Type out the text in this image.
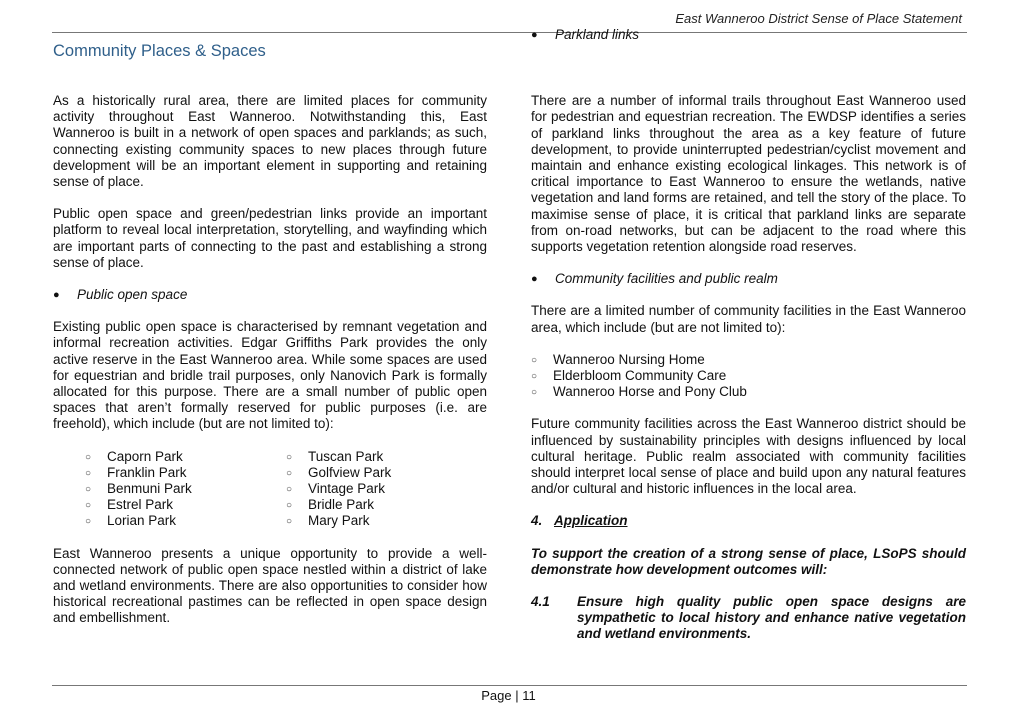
East Wanneroo District Sense of Place Statement
Community Places & Spaces

As a historically rural area, there are limited places for community activity throughout East Wanneroo. Notwithstanding this, East Wanneroo is built in a network of open spaces and parklands; as such, connecting existing community spaces to new places through future development will be an important element in supporting and retaining sense of place.

Public open space and green/pedestrian links provide an important platform to reveal local interpretation, storytelling, and wayfinding which are important parts of connecting to the past and establishing a strong sense of place.

● Public open space

Existing public open space is characterised by remnant vegetation and informal recreation activities. Edgar Griffiths Park provides the only active reserve in the East Wanneroo area. While some spaces are used for equestrian and bridle trail purposes, only Nanovich Park is formally allocated for this purpose. There are a small number of public open spaces that aren’t formally reserved for public purposes (i.e. are freehold), which include (but are not limited to):

○ Caporn Park
○ Franklin Park
○ Benmuni Park
○ Estrel Park
○ Lorian Park
○ Tuscan Park
○ Golfview Park
○ Vintage Park
○ Bridle Park
○ Mary Park

East Wanneroo presents a unique opportunity to provide a well-connected network of public open space nestled within a district of lake and wetland environments. There are also opportunities to consider how historical recreational pastimes can be reflected in open space design and embellishment.

● Parkland links

There are a number of informal trails throughout East Wanneroo used for pedestrian and equestrian recreation. The EWDSP identifies a series of parkland links throughout the area as a key feature of future development, to provide uninterrupted pedestrian/cyclist movement and maintain and enhance existing ecological linkages. This network is of critical importance to East Wanneroo to ensure the wetlands, native vegetation and land forms are retained, and tell the story of the place. To maximise sense of place, it is critical that parkland links are separate from on-road networks, but can be adjacent to the road where this supports vegetation retention alongside road reserves.

● Community facilities and public realm

There are a limited number of community facilities in the East Wanneroo area, which include (but are not limited to):

○ Wanneroo Nursing Home
○ Elderbloom Community Care
○ Wanneroo Horse and Pony Club

Future community facilities across the East Wanneroo district should be influenced by sustainability principles with designs influenced by local cultural heritage. Public realm associated with community facilities should interpret local sense of place and build upon any natural features and/or cultural and historic influences in the local area.

4. Application

To support the creation of a strong sense of place, LSoPS should demonstrate how development outcomes will:

4.1	Ensure high quality public open space designs are sympathetic to local history and enhance native vegetation and wetland environments.
Page | 11
